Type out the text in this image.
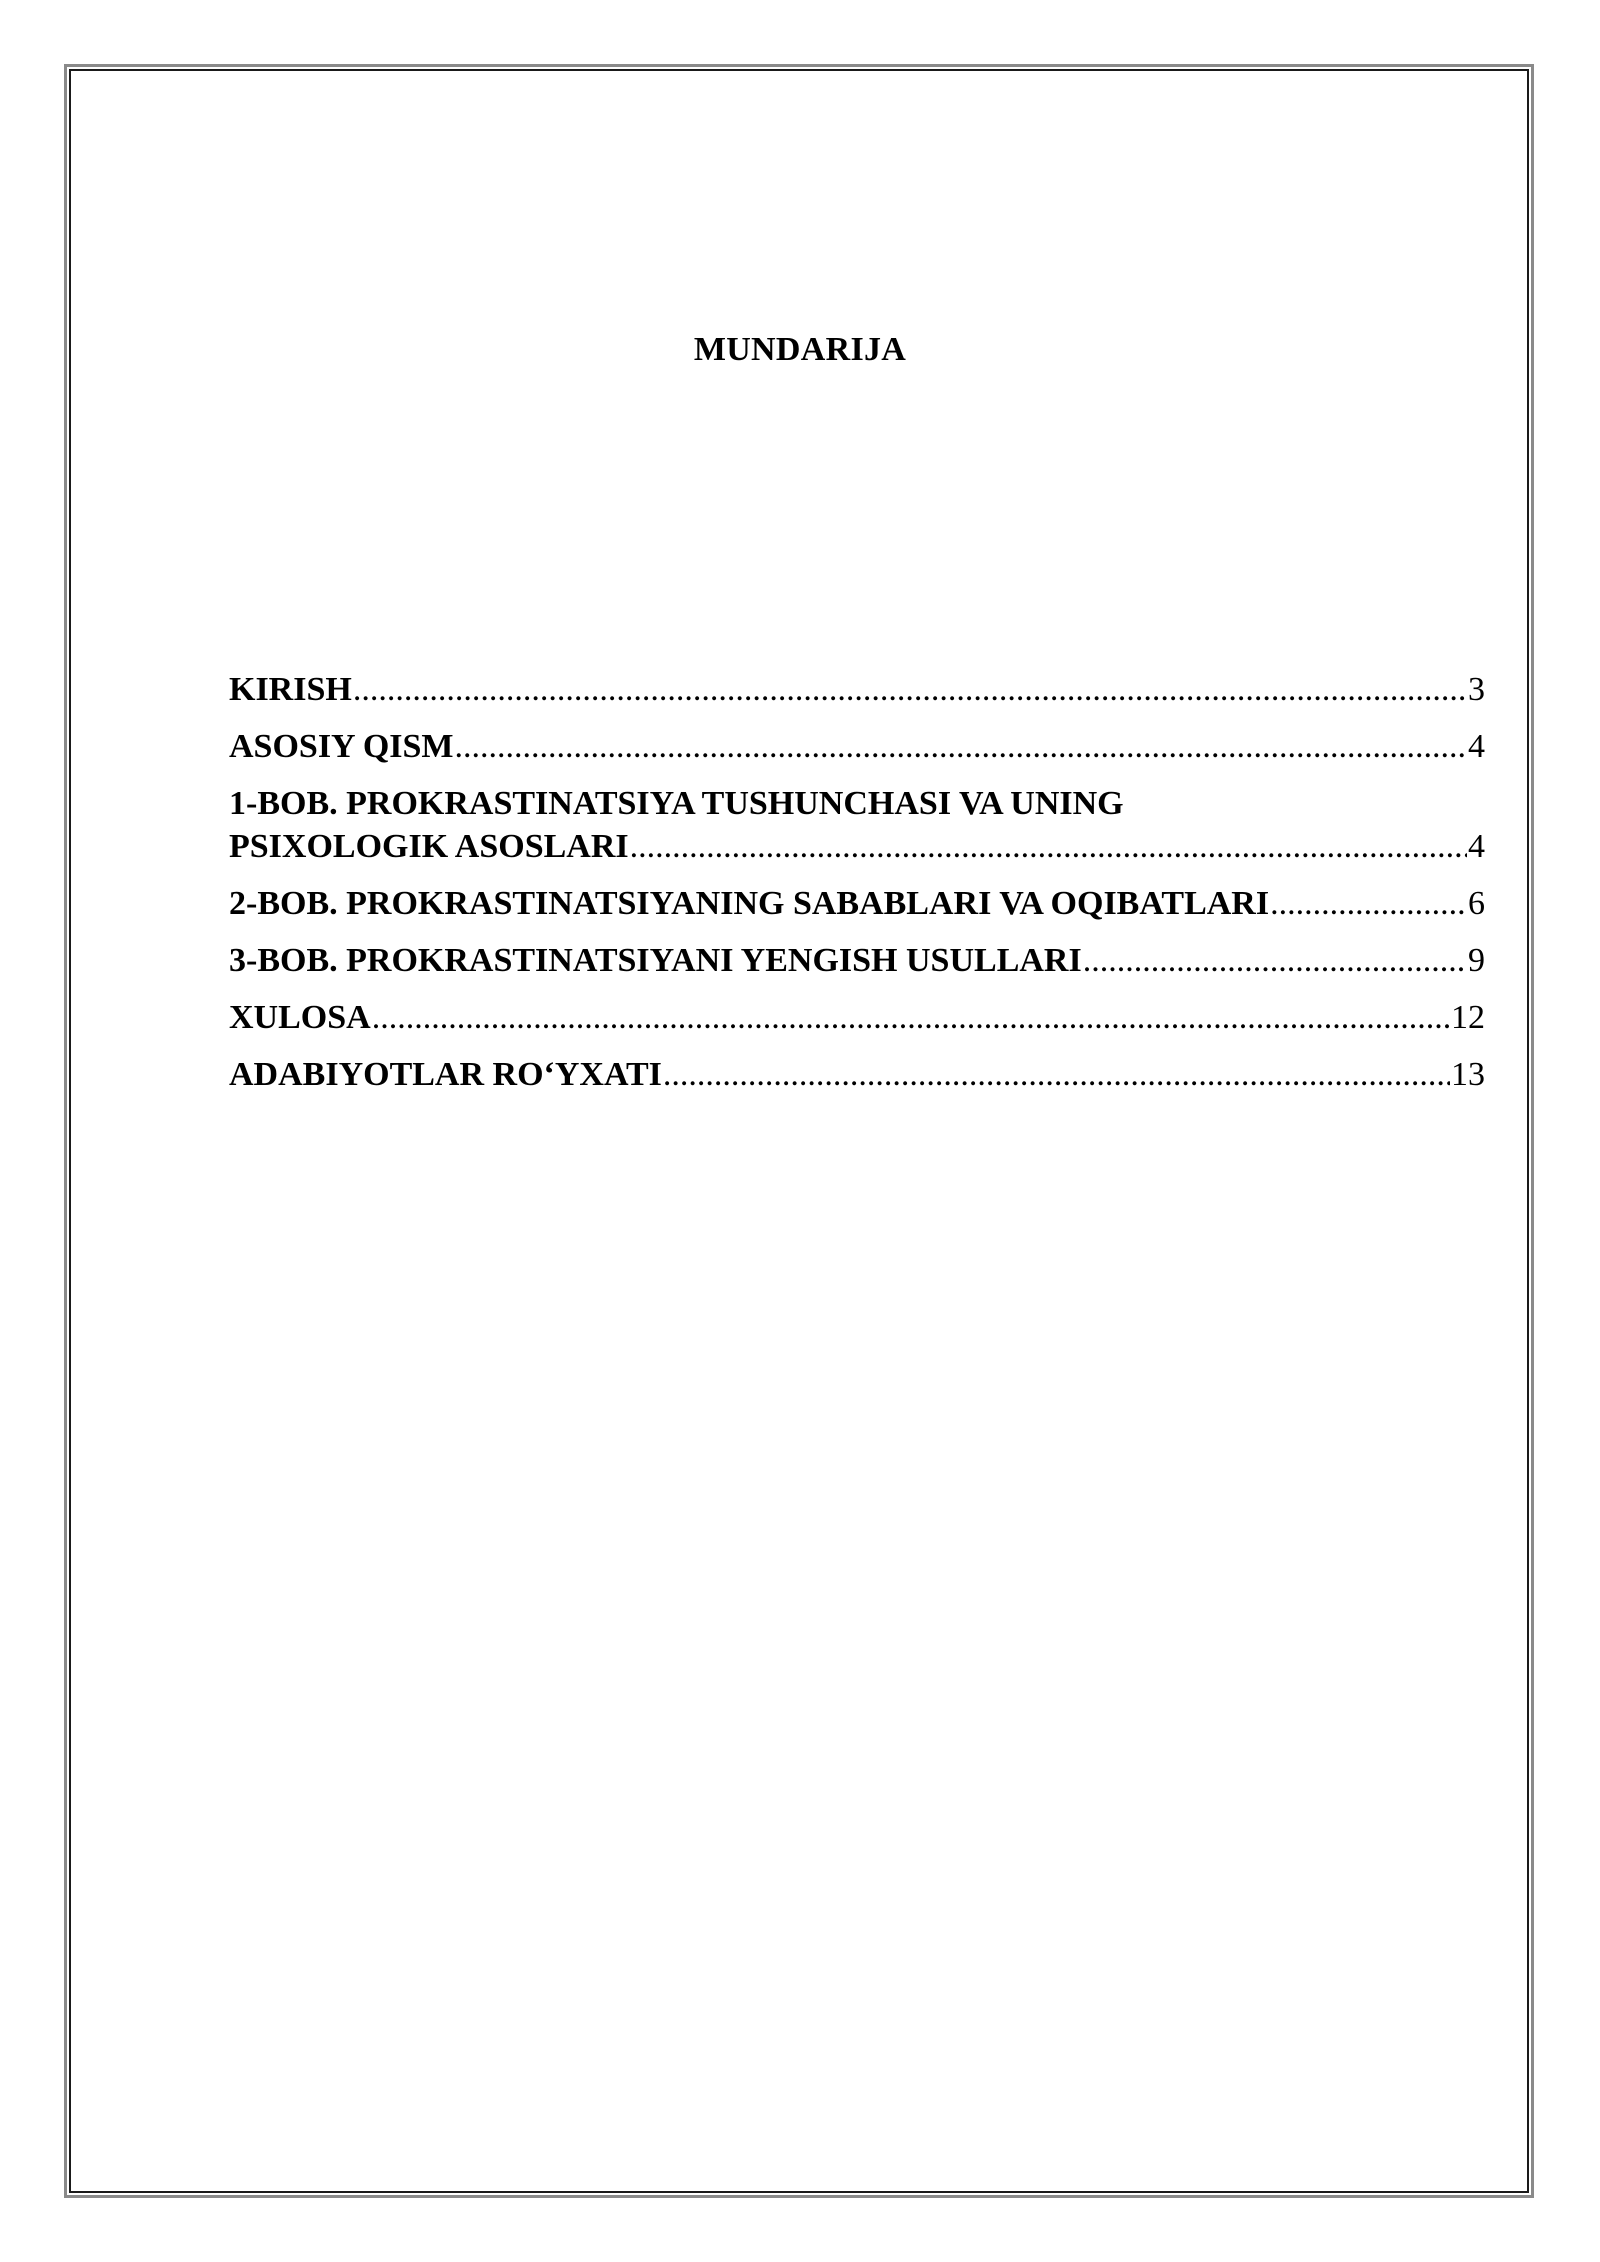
MUNDARIJA
KIRISH .....	3
ASOSIY QISM .....	4
1-BOB. PROKRASTINATSIYA TUSHUNCHASI VA UNING
PSIXOLOGIK ASOSLARI .....	4
2-BOB. PROKRASTINATSIYANING SABABLARI VA OQIBATLARI .....	6
3-BOB. PROKRASTINATSIYANI YENGISH USULLARI .....	9
XULOSA .....	12
ADABIYOTLAR RO‘YXATI .....	13
